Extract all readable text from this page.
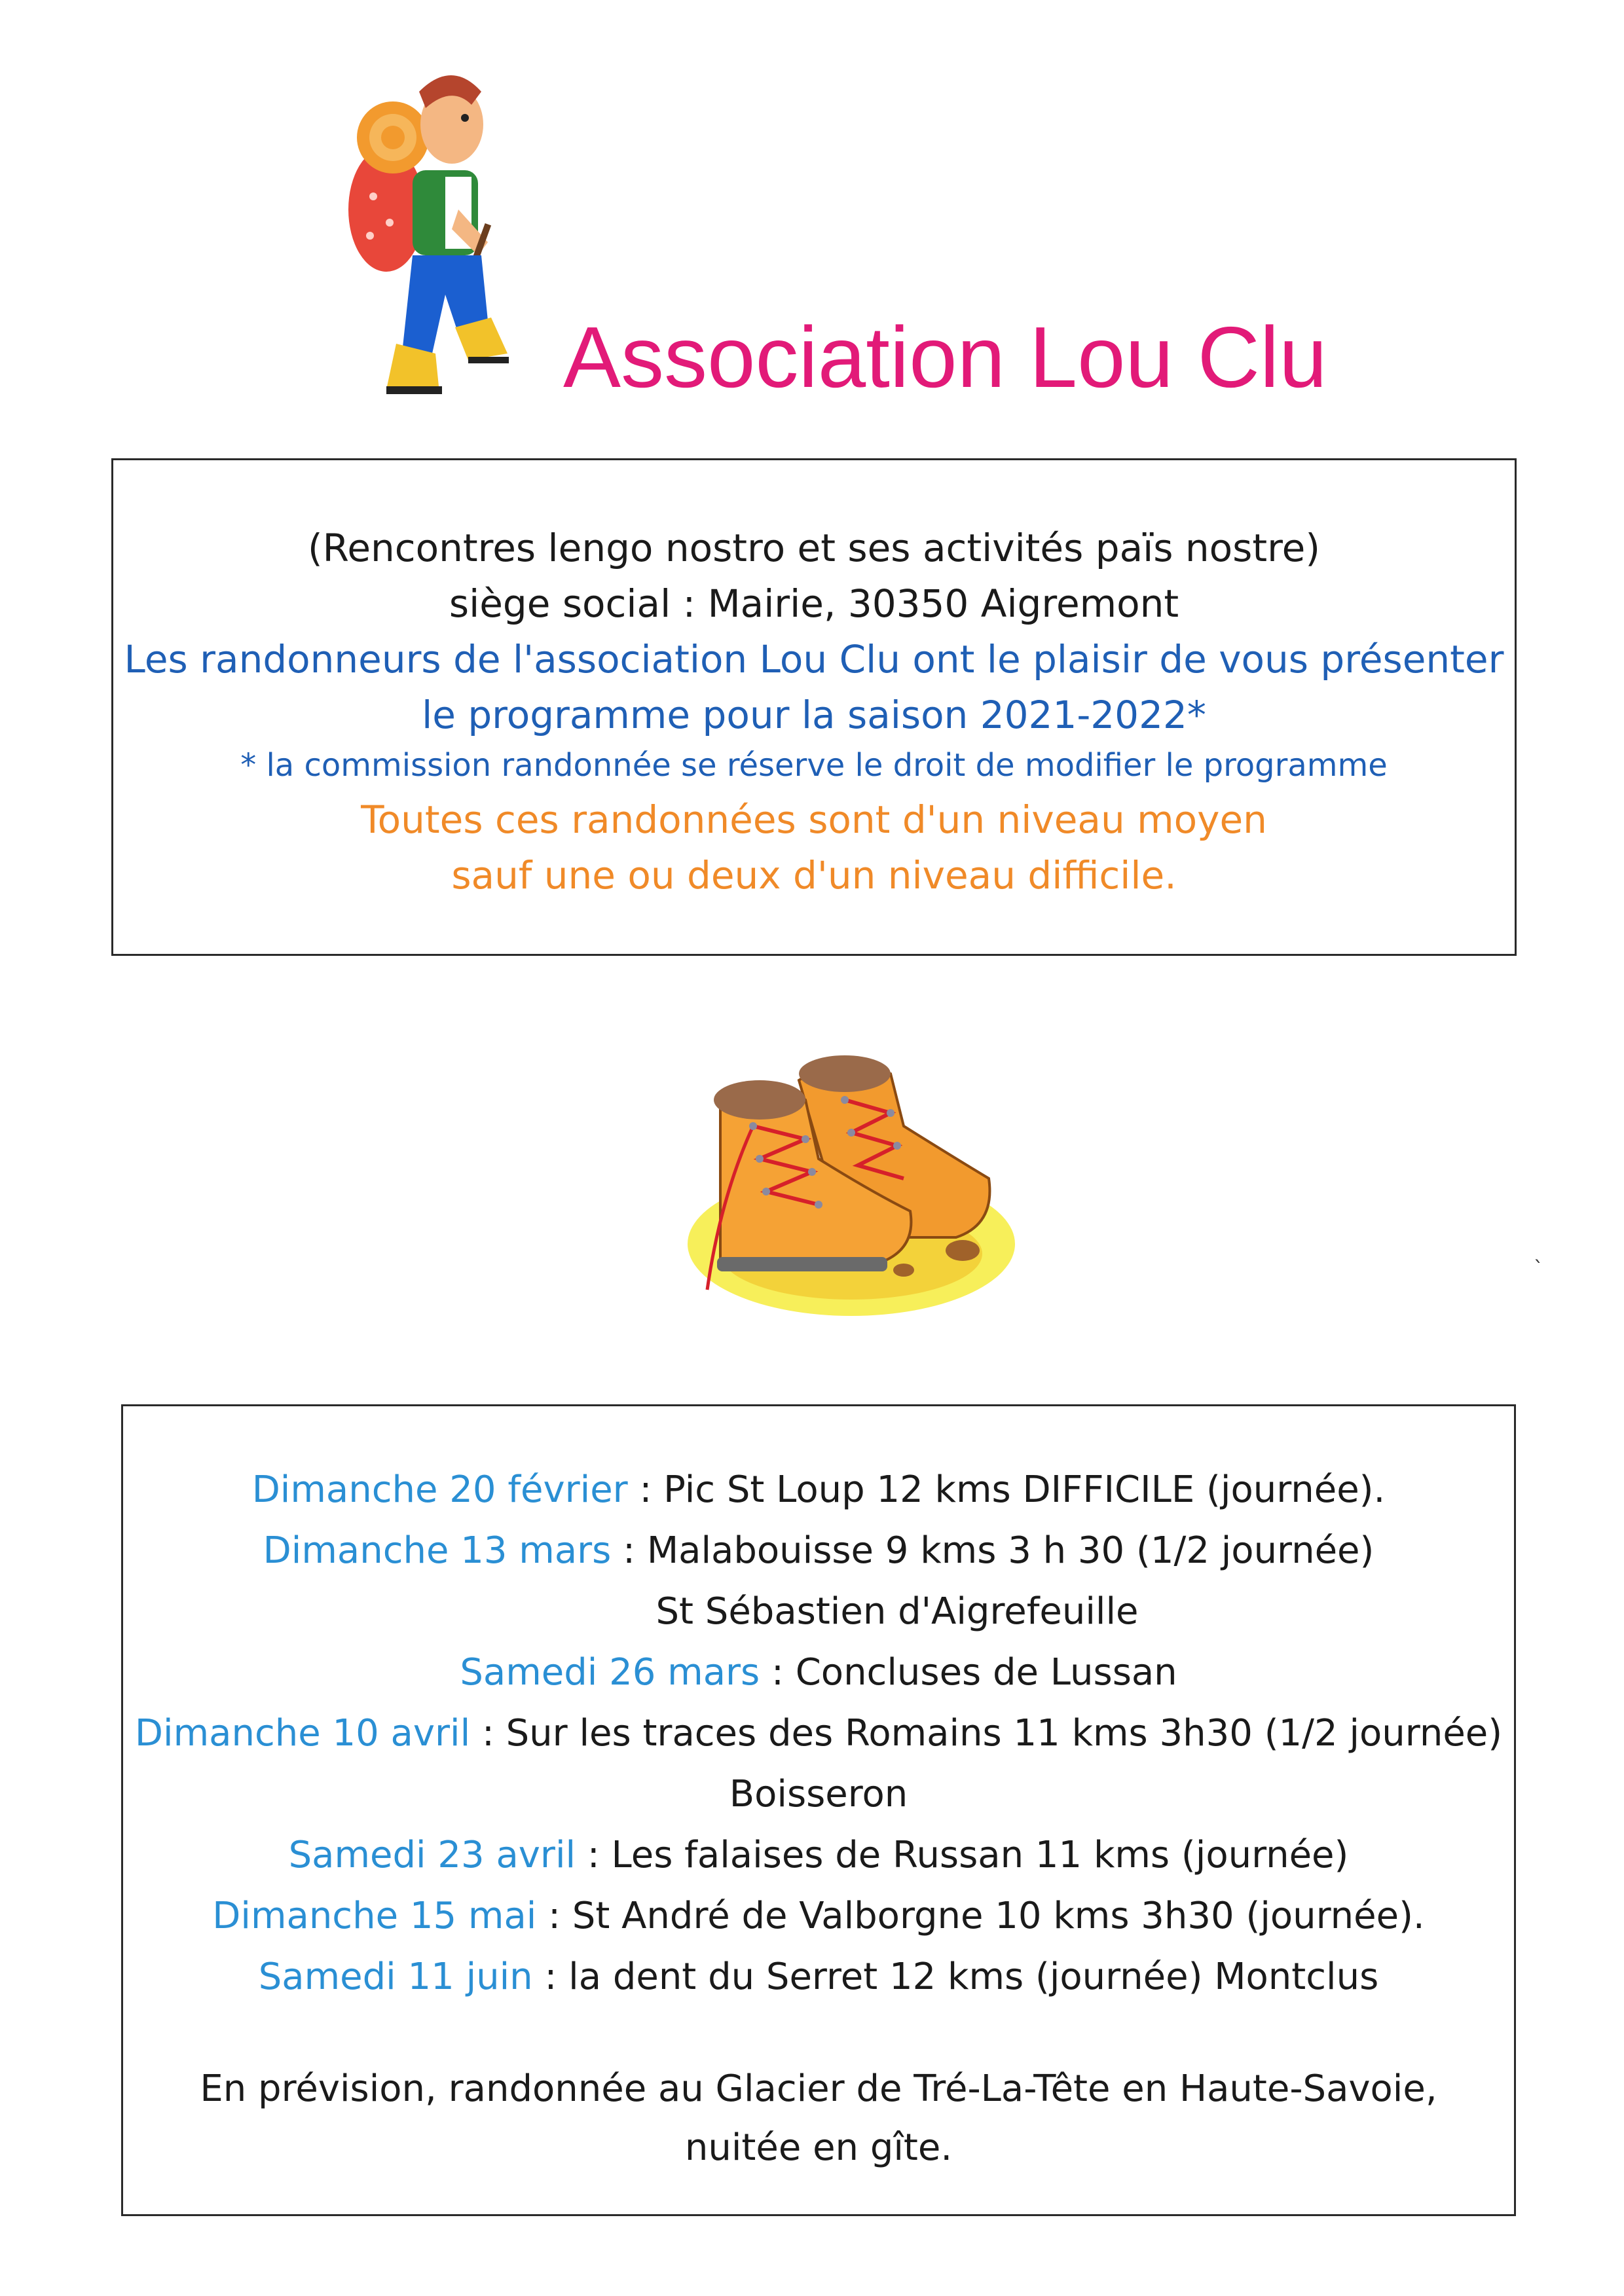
Association Lou Clu
(Rencontres lengo nostro et ses activités païs nostre)
siège social : Mairie, 30350 Aigremont
Les randonneurs de l'association Lou Clu ont le plaisir de vous présenter
le programme pour la saison 2021-2022*
* la commission randonnée se réserve le droit de modifier le programme
Toutes ces randonnées sont d'un niveau moyen
sauf une ou deux d'un niveau difficile.
ˎ
Dimanche 20 février : Pic St Loup 12 kms DIFFICILE (journée).
Dimanche 13 mars : Malabouisse 9 kms 3 h 30 (1/2 journée)
St Sébastien d'Aigrefeuille
Samedi 26 mars : Concluses de Lussan
Dimanche 10 avril : Sur les traces des Romains 11 kms 3h30 (1/2 journée)
Boisseron
Samedi 23 avril : Les falaises de Russan 11 kms (journée)
Dimanche 15 mai : St André de Valborgne 10 kms 3h30 (journée).
Samedi 11 juin : la dent du Serret 12 kms (journée) Montclus
En prévision, randonnée au Glacier de Tré-La-Tête en Haute-Savoie,
nuitée en gîte.
